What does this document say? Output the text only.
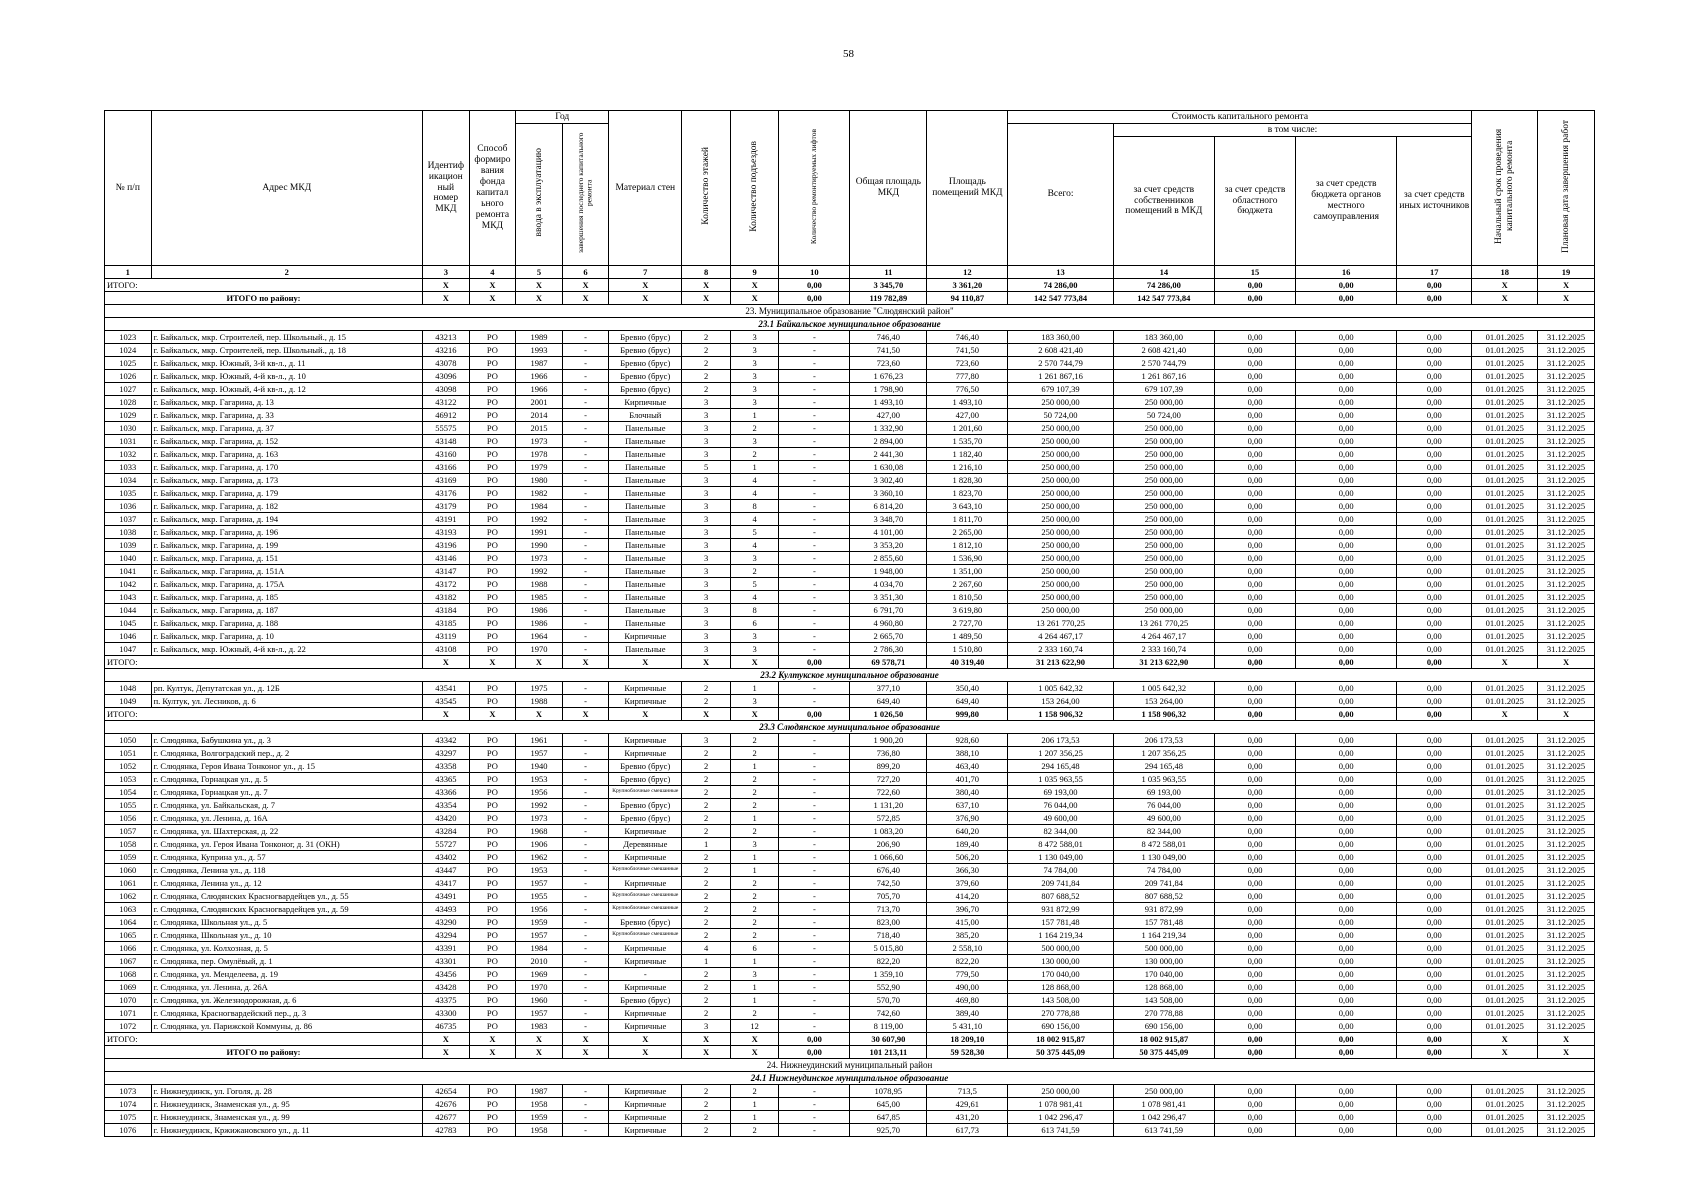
58
№ п/п	Адрес МКД	Идентиф икацион ный номер МКД	Способ формиро вания фонда капитал ьного ремонта МКД	Год		Материал стен	Количество этажей	Количество подъездов	Количество ремонтируемых лифтов	Общая площадь МКД	Площадь помещений МКД	Стоимость капитального ремонта					Начальный срок проведения капитального ремонта	Плановая дата завершения работ
				ввода в эксплуатацию	завершения последнего капитального ремонта							Всего:	в том числе:					
													за счет средств собственников помещений в МКД	за счет средств областного бюджета	за счет средств бюджета органов местного самоуправления	за счет средств иных источников		
1	2	3	4	5	6	7	8	9	10	11	12	13	14	15	16	17	18	19
ИТОГО:		X	X	X	X	X	X	X	0,00	3 345,70	3 361,20	74 286,00	74 286,00	0,00	0,00	0,00	X	X
ИТОГО по району:		X	X	X	X	X	X	X	0,00	119 782,89	94 110,87	142 547 773,84	142 547 773,84	0,00	0,00	0,00	X	X
23. Муниципальное образование "Слюдянский район"																		
23.1 Байкальское муниципальное образование																		
1023	г. Байкальск, мкр. Строителей, пер. Школьный., д. 15	43213	РО	1989	-	Бревно (брус)	2	3	-	746,40	746,40	183 360,00	183 360,00	0,00	0,00	0,00	01.01.2025	31.12.2025
1024	г. Байкальск, мкр. Строителей, пер. Школьный., д. 18	43216	РО	1993	-	Бревно (брус)	2	3	-	741,50	741,50	2 608 421,40	2 608 421,40	0,00	0,00	0,00	01.01.2025	31.12.2025
1025	г. Байкальск, мкр. Южный, 3-й кв-л., д. 11	43078	РО	1987	-	Бревно (брус)	2	3	-	723,60	723,60	2 570 744,79	2 570 744,79	0,00	0,00	0,00	01.01.2025	31.12.2025
1026	г. Байкальск, мкр. Южный, 4-й кв-л., д. 10	43096	РО	1966	-	Бревно (брус)	2	3	-	1 676,23	777,80	1 261 867,16	1 261 867,16	0,00	0,00	0,00	01.01.2025	31.12.2025
1027	г. Байкальск, мкр. Южный, 4-й кв-л., д. 12	43098	РО	1966	-	Бревно (брус)	2	3	-	1 798,90	776,50	679 107,39	679 107,39	0,00	0,00	0,00	01.01.2025	31.12.2025
1028	г. Байкальск, мкр. Гагарина, д. 13	43122	РО	2001	-	Кирпичные	3	3	-	1 493,10	1 493,10	250 000,00	250 000,00	0,00	0,00	0,00	01.01.2025	31.12.2025
1029	г. Байкальск, мкр. Гагарина, д. 33	46912	РО	2014	-	Блочный	3	1	-	427,00	427,00	50 724,00	50 724,00	0,00	0,00	0,00	01.01.2025	31.12.2025
1030	г. Байкальск, мкр. Гагарина, д. 37	55575	РО	2015	-	Панельные	3	2	-	1 332,90	1 201,60	250 000,00	250 000,00	0,00	0,00	0,00	01.01.2025	31.12.2025
1031	г. Байкальск, мкр. Гагарина, д. 152	43148	РО	1973	-	Панельные	3	3	-	2 894,00	1 535,70	250 000,00	250 000,00	0,00	0,00	0,00	01.01.2025	31.12.2025
1032	г. Байкальск, мкр. Гагарина, д. 163	43160	РО	1978	-	Панельные	3	2	-	2 441,30	1 182,40	250 000,00	250 000,00	0,00	0,00	0,00	01.01.2025	31.12.2025
1033	г. Байкальск, мкр. Гагарина, д. 170	43166	РО	1979	-	Панельные	5	1	-	1 630,08	1 216,10	250 000,00	250 000,00	0,00	0,00	0,00	01.01.2025	31.12.2025
1034	г. Байкальск, мкр. Гагарина, д. 173	43169	РО	1980	-	Панельные	3	4	-	3 302,40	1 828,30	250 000,00	250 000,00	0,00	0,00	0,00	01.01.2025	31.12.2025
1035	г. Байкальск, мкр. Гагарина, д. 179	43176	РО	1982	-	Панельные	3	4	-	3 360,10	1 823,70	250 000,00	250 000,00	0,00	0,00	0,00	01.01.2025	31.12.2025
1036	г. Байкальск, мкр. Гагарина, д. 182	43179	РО	1984	-	Панельные	3	8	-	6 814,20	3 643,10	250 000,00	250 000,00	0,00	0,00	0,00	01.01.2025	31.12.2025
1037	г. Байкальск, мкр. Гагарина, д. 194	43191	РО	1992	-	Панельные	3	4	-	3 348,70	1 811,70	250 000,00	250 000,00	0,00	0,00	0,00	01.01.2025	31.12.2025
1038	г. Байкальск, мкр. Гагарина, д. 196	43193	РО	1991	-	Панельные	3	5	-	4 101,00	2 265,00	250 000,00	250 000,00	0,00	0,00	0,00	01.01.2025	31.12.2025
1039	г. Байкальск, мкр. Гагарина, д. 199	43196	РО	1990	-	Панельные	3	4	-	3 353,20	1 812,10	250 000,00	250 000,00	0,00	0,00	0,00	01.01.2025	31.12.2025
1040	г. Байкальск, мкр. Гагарина, д. 151	43146	РО	1973	-	Панельные	3	3	-	2 855,60	1 536,90	250 000,00	250 000,00	0,00	0,00	0,00	01.01.2025	31.12.2025
1041	г. Байкальск, мкр. Гагарина, д. 151А	43147	РО	1992	-	Панельные	3	2	-	1 948,00	1 351,00	250 000,00	250 000,00	0,00	0,00	0,00	01.01.2025	31.12.2025
1042	г. Байкальск, мкр. Гагарина, д. 175А	43172	РО	1988	-	Панельные	3	5	-	4 034,70	2 267,60	250 000,00	250 000,00	0,00	0,00	0,00	01.01.2025	31.12.2025
1043	г. Байкальск, мкр. Гагарина, д. 185	43182	РО	1985	-	Панельные	3	4	-	3 351,30	1 810,50	250 000,00	250 000,00	0,00	0,00	0,00	01.01.2025	31.12.2025
1044	г. Байкальск, мкр. Гагарина, д. 187	43184	РО	1986	-	Панельные	3	8	-	6 791,70	3 619,80	250 000,00	250 000,00	0,00	0,00	0,00	01.01.2025	31.12.2025
1045	г. Байкальск, мкр. Гагарина, д. 188	43185	РО	1986	-	Панельные	3	6	-	4 960,80	2 727,70	13 261 770,25	13 261 770,25	0,00	0,00	0,00	01.01.2025	31.12.2025
1046	г. Байкальск, мкр. Гагарина, д. 10	43119	РО	1964	-	Кирпичные	3	3	-	2 665,70	1 489,50	4 264 467,17	4 264 467,17	0,00	0,00	0,00	01.01.2025	31.12.2025
1047	г. Байкальск, мкр. Южный, 4-й кв-л., д. 22	43108	РО	1970	-	Панельные	3	3	-	2 786,30	1 510,80	2 333 160,74	2 333 160,74	0,00	0,00	0,00	01.01.2025	31.12.2025
ИТОГО:		X	X	X	X	X	X	X	0,00	69 578,71	40 319,40	31 213 622,90	31 213 622,90	0,00	0,00	0,00	X	X
23.2 Култукское муниципальное образование																		
1048	рп. Култук, Депутатская ул., д. 12Б	43541	РО	1975	-	Кирпичные	2	1	-	377,10	350,40	1 005 642,32	1 005 642,32	0,00	0,00	0,00	01.01.2025	31.12.2025
1049	п. Култук, ул. Лесников, д. 6	43545	РО	1988	-	Кирпичные	2	3	-	649,40	649,40	153 264,00	153 264,00	0,00	0,00	0,00	01.01.2025	31.12.2025
ИТОГО:		X	X	X	X	X	X	X	0,00	1 026,50	999,80	1 158 906,32	1 158 906,32	0,00	0,00	0,00	X	X
23.3 Слюдянское муниципальное образование																		
1050	г. Слюдянка, Бабушкина ул., д. 3	43342	РО	1961	-	Кирпичные	3	2	-	1 900,20	928,60	206 173,53	206 173,53	0,00	0,00	0,00	01.01.2025	31.12.2025
1051	г. Слюдянка, Волгоградский пер., д. 2	43297	РО	1957	-	Кирпичные	2	2	-	736,80	388,10	1 207 356,25	1 207 356,25	0,00	0,00	0,00	01.01.2025	31.12.2025
1052	г. Слюдянка, Героя Ивана Тонконог ул., д. 15	43358	РО	1940	-	Бревно (брус)	2	1	-	899,20	463,40	294 165,48	294 165,48	0,00	0,00	0,00	01.01.2025	31.12.2025
1053	г. Слюдянка, Горнацкая ул., д. 5	43365	РО	1953	-	Бревно (брус)	2	2	-	727,20	401,70	1 035 963,55	1 035 963,55	0,00	0,00	0,00	01.01.2025	31.12.2025
1054	г. Слюдянка, Горнацкая ул., д. 7	43366	РО	1956	-	Крупноблочные смешанные	2	2	-	722,60	380,40	69 193,00	69 193,00	0,00	0,00	0,00	01.01.2025	31.12.2025
1055	г. Слюдянка, ул. Байкальская, д. 7	43354	РО	1992	-	Бревно (брус)	2	2	-	1 131,20	637,10	76 044,00	76 044,00	0,00	0,00	0,00	01.01.2025	31.12.2025
1056	г. Слюдянка, ул. Ленина, д. 16А	43420	РО	1973	-	Бревно (брус)	2	1	-	572,85	376,90	49 600,00	49 600,00	0,00	0,00	0,00	01.01.2025	31.12.2025
1057	г. Слюдянка, ул. Шахтерская, д. 22	43284	РО	1968	-	Кирпичные	2	2	-	1 083,20	640,20	82 344,00	82 344,00	0,00	0,00	0,00	01.01.2025	31.12.2025
1058	г. Слюдянка, ул. Героя Ивана Тонконог, д. 31 (ОКН)	55727	РО	1906	-	Деревянные	1	3	-	206,90	189,40	8 472 588,01	8 472 588,01	0,00	0,00	0,00	01.01.2025	31.12.2025
1059	г. Слюдянка, Куприна ул., д. 57	43402	РО	1962	-	Кирпичные	2	1	-	1 066,60	506,20	1 130 049,00	1 130 049,00	0,00	0,00	0,00	01.01.2025	31.12.2025
1060	г. Слюдянка, Ленина ул., д. 118	43447	РО	1953	-	Крупноблочные смешанные	2	1	-	676,40	366,30	74 784,00	74 784,00	0,00	0,00	0,00	01.01.2025	31.12.2025
1061	г. Слюдянка, Ленина ул., д. 12	43417	РО	1957	-	Кирпичные	2	2	-	742,50	379,60	209 741,84	209 741,84	0,00	0,00	0,00	01.01.2025	31.12.2025
1062	г. Слюдянка, Слюдянских Красногвардейцев ул., д. 55	43491	РО	1955	-	Крупноблочные смешанные	2	2	-	705,70	414,20	807 688,52	807 688,52	0,00	0,00	0,00	01.01.2025	31.12.2025
1063	г. Слюдянка, Слюдянских Красногвардейцев ул., д. 59	43493	РО	1956	-	Крупноблочные смешанные	2	2	-	713,70	396,70	931 872,99	931 872,99	0,00	0,00	0,00	01.01.2025	31.12.2025
1064	г. Слюдянка, Школьная ул., д. 5	43290	РО	1959	-	Бревно (брус)	2	2	-	823,00	415,00	157 781,48	157 781,48	0,00	0,00	0,00	01.01.2025	31.12.2025
1065	г. Слюдянка, Школьная ул., д. 10	43294	РО	1957	-	Крупноблочные смешанные	2	2	-	718,40	385,20	1 164 219,34	1 164 219,34	0,00	0,00	0,00	01.01.2025	31.12.2025
1066	г. Слюдянка, ул. Колхозная, д. 5	43391	РО	1984	-	Кирпичные	4	6	-	5 015,80	2 558,10	500 000,00	500 000,00	0,00	0,00	0,00	01.01.2025	31.12.2025
1067	г. Слюдянка, пер. Омулёвый, д. 1	43301	РО	2010	-	Кирпичные	1	1	-	822,20	822,20	130 000,00	130 000,00	0,00	0,00	0,00	01.01.2025	31.12.2025
1068	г. Слюдянка, ул. Менделеева, д. 19	43456	РО	1969	-	-	2	3	-	1 359,10	779,50	170 040,00	170 040,00	0,00	0,00	0,00	01.01.2025	31.12.2025
1069	г. Слюдянка, ул. Ленина, д. 26А	43428	РО	1970	-	Кирпичные	2	1	-	552,90	490,00	128 868,00	128 868,00	0,00	0,00	0,00	01.01.2025	31.12.2025
1070	г. Слюдянка, ул. Железнодорожная, д. 6	43375	РО	1960	-	Бревно (брус)	2	1	-	570,70	469,80	143 508,00	143 508,00	0,00	0,00	0,00	01.01.2025	31.12.2025
1071	г. Слюдянка, Красногвардейский пер., д. 3	43300	РО	1957	-	Кирпичные	2	2	-	742,60	389,40	270 778,88	270 778,88	0,00	0,00	0,00	01.01.2025	31.12.2025
1072	г. Слюдянка, ул. Парижской Коммуны, д. 86	46735	РО	1983	-	Кирпичные	3	12	-	8 119,00	5 431,10	690 156,00	690 156,00	0,00	0,00	0,00	01.01.2025	31.12.2025
ИТОГО:		X	X	X	X	X	X	X	0,00	30 607,90	18 209,10	18 002 915,87	18 002 915,87	0,00	0,00	0,00	X	X
ИТОГО по району:		X	X	X	X	X	X	X	0,00	101 213,11	59 528,30	50 375 445,09	50 375 445,09	0,00	0,00	0,00	X	X
24. Нижнеудинский муниципальный район																		
24.1 Нижнеудинское муниципальное образование																		
1073	г. Нижнеудинск, ул. Гоголя, д. 28	42654	РО	1987	-	Кирпичные	2	2	-	1078,95	713,5	250 000,00	250 000,00	0,00	0,00	0,00	01.01.2025	31.12.2025
1074	г. Нижнеудинск, Знаменская ул., д. 95	42676	РО	1958	-	Кирпичные	2	1	-	645,00	429,61	1 078 981,41	1 078 981,41	0,00	0,00	0,00	01.01.2025	31.12.2025
1075	г. Нижнеудинск, Знаменская ул., д. 99	42677	РО	1959	-	Кирпичные	2	1	-	647,85	431,20	1 042 296,47	1 042 296,47	0,00	0,00	0,00	01.01.2025	31.12.2025
1076	г. Нижнеудинск, Кржижановского ул., д. 11	42783	РО	1958	-	Кирпичные	2	2	-	925,70	617,73	613 741,59	613 741,59	0,00	0,00	0,00	01.01.2025	31.12.2025
